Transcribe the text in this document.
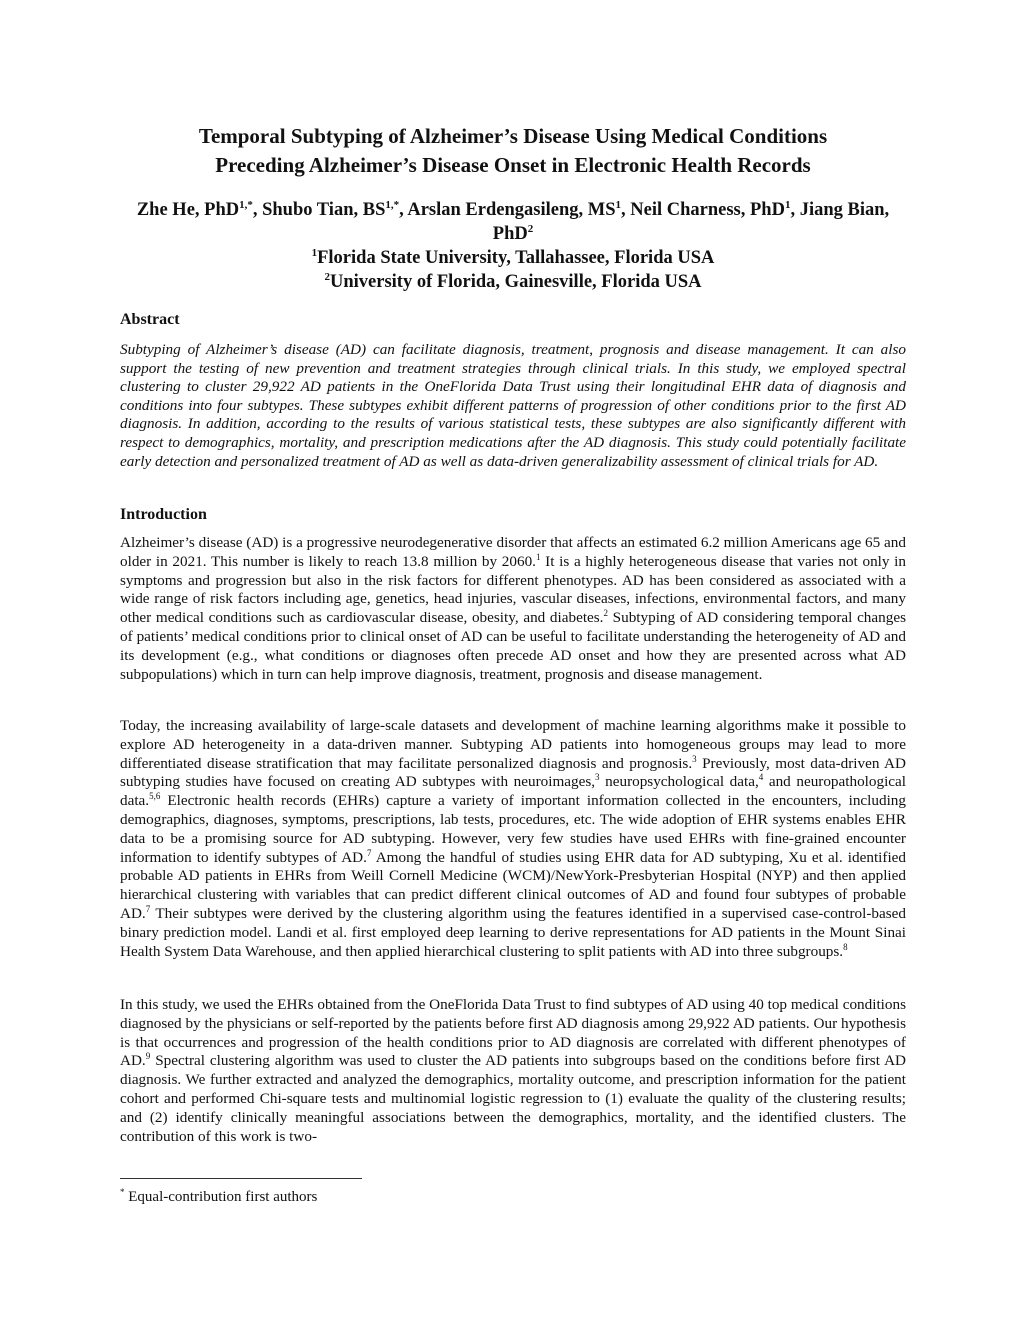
Temporal Subtyping of Alzheimer’s Disease Using Medical Conditions
Preceding Alzheimer’s Disease Onset in Electronic Health Records
Zhe He, PhD$^{1,*}$, Shubo Tian, $BS^{1,*}$, Arslan Erdengasileng, $MS^1$, Neil Charness, PhD$^1$, Jiang Bian, PhD$^2$
$^1$Florida State University, Tallahassee, Florida USA
$^2$University of Florida, Gainesville, Florida USA
Abstract
Subtyping of Alzheimer’s disease (AD) can facilitate diagnosis, treatment, prognosis and disease management. It can also support the testing of new prevention and treatment strategies through clinical trials. In this study, we employed spectral clustering to cluster 29,922 AD patients in the OneFlorida Data Trust using their longitudinal EHR data of diagnosis and conditions into four subtypes. These subtypes exhibit different patterns of progression of other conditions prior to the first AD diagnosis. In addition, according to the results of various statistical tests, these subtypes are also significantly different with respect to demographics, mortality, and prescription medications after the AD diagnosis. This study could potentially facilitate early detection and personalized treatment of AD as well as data-driven generalizability assessment of clinical trials for AD.
Introduction
Alzheimer’s disease (AD) is a progressive neurodegenerative disorder that affects an estimated 6.2 million Americans age 65 and older in 2021. This number is likely to reach 13.8 million by 2060.$^1$ It is a highly heterogeneous disease that varies not only in symptoms and progression but also in the risk factors for different phenotypes. AD has been considered as associated with a wide range of risk factors including age, genetics, head injuries, vascular diseases, infections, environmental factors, and many other medical conditions such as cardiovascular disease, obesity, and diabetes.$^2$ Subtyping of AD considering temporal changes of patients’ medical conditions prior to clinical onset of AD can be useful to facilitate understanding the heterogeneity of AD and its development (e.g., what conditions or diagnoses often precede AD onset and how they are presented across what AD subpopulations) which in turn can help improve diagnosis, treatment, prognosis and disease management.
Today, the increasing availability of large-scale datasets and development of machine learning algorithms make it possible to explore AD heterogeneity in a data-driven manner. Subtyping AD patients into homogeneous groups may lead to more differentiated disease stratification that may facilitate personalized diagnosis and prognosis.$^3$ Previously, most data-driven AD subtyping studies have focused on creating AD subtypes with neuroimages,$^3$ neuropsychological data,$^4$ and neuropathological data.$^{5,6}$ Electronic health records (EHRs) capture a variety of important information collected in the encounters, including demographics, diagnoses, symptoms, prescriptions, lab tests, procedures, etc. The wide adoption of EHR systems enables EHR data to be a promising source for AD subtyping. However, very few studies have used EHRs with fine-grained encounter information to identify subtypes of AD.$^7$ Among the handful of studies using EHR data for AD subtyping, Xu et al. identified probable AD patients in EHRs from Weill Cornell Medicine (WCM)/NewYork-Presbyterian Hospital (NYP) and then applied hierarchical clustering with variables that can predict different clinical outcomes of AD and found four subtypes of probable AD.$^7$ Their subtypes were derived by the clustering algorithm using the features identified in a supervised case-control-based binary prediction model. Landi et al. first employed deep learning to derive representations for AD patients in the Mount Sinai Health System Data Warehouse, and then applied hierarchical clustering to split patients with AD into three subgroups.$^8$
In this study, we used the EHRs obtained from the OneFlorida Data Trust to find subtypes of AD using 40 top medical conditions diagnosed by the physicians or self-reported by the patients before first AD diagnosis among 29,922 AD patients. Our hypothesis is that occurrences and progression of the health conditions prior to AD diagnosis are correlated with different phenotypes of AD.$^9$ Spectral clustering algorithm was used to cluster the AD patients into subgroups based on the conditions before first AD diagnosis. We further extracted and analyzed the demographics, mortality outcome, and prescription information for the patient cohort and performed Chi-square tests and multinomial logistic regression to (1) evaluate the quality of the clustering results; and (2) identify clinically meaningful associations between the demographics, mortality, and the identified clusters. The contribution of this work is two-
* Equal-contribution first authors
